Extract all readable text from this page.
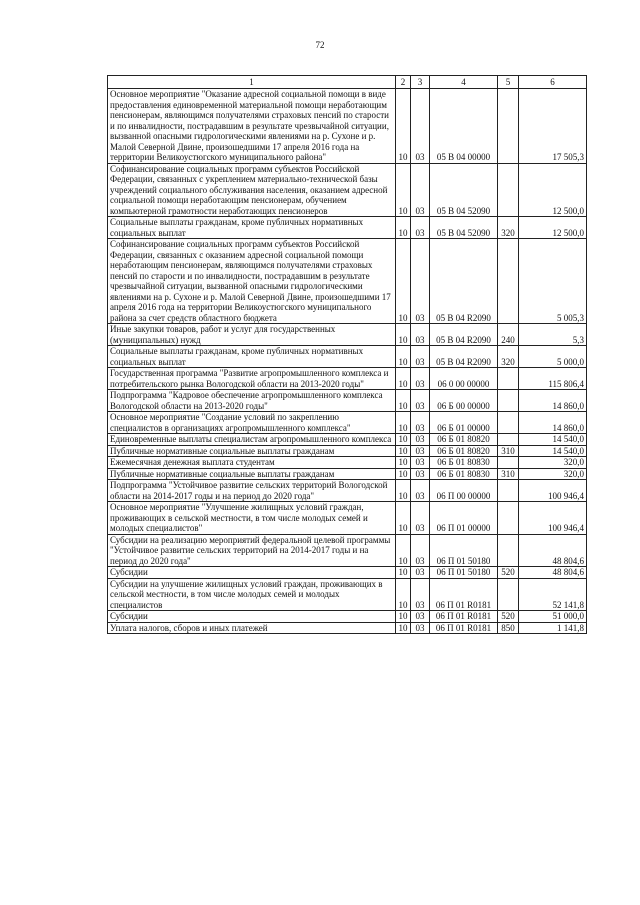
72
1	2	3	4	5	6
Основное мероприятие "Оказание адресной социальной помощи в виде предоставления единовременной материальной помощи неработающим пенсионерам, являющимся получателями страховых пенсий по старости и по инвалидности, пострадавшим в результате чрезвычайной ситуации, вызванной опасными гидрологическими явлениями на р. Сухоне и р. Малой Северной Двине, произошедшими 17 апреля 2016 года на территории Великоустюгского муниципального района"	10	03	05 В 04 00000		17 505,3
Софинансирование социальных программ субъектов Российской Федерации, связанных с укреплением материально-технической базы учреждений социального обслуживания населения, оказанием адресной социальной помощи неработающим пенсионерам, обучением компьютерной грамотности неработающих пенсионеров	10	03	05 В 04 52090		12 500,0
Социальные выплаты гражданам, кроме публичных нормативных социальных выплат	10	03	05 В 04 52090	320	12 500,0
Софинансирование социальных программ субъектов Российской Федерации, связанных с оказанием адресной социальной помощи неработающим пенсионерам, являющимся получателями страховых пенсий по старости и по инвалидности, пострадавшим в результате чрезвычайной ситуации, вызванной опасными гидрологическими явлениями на р. Сухоне и р. Малой Северной Двине, произошедшими 17 апреля 2016 года на территории Великоустюгского муниципального района за счет средств областного бюджета	10	03	05 В 04 R2090		5 005,3
Иные закупки товаров, работ и услуг для государственных (муниципальных) нужд	10	03	05 В 04 R2090	240	5,3
Социальные выплаты гражданам, кроме публичных нормативных социальных выплат	10	03	05 В 04 R2090	320	5 000,0
Государственная программа "Развитие агропромышленного комплекса и потребительского рынка Вологодской области на 2013-2020 годы"	10	03	06 0 00 00000		115 806,4
Подпрограмма "Кадровое обеспечение агропромышленного комплекса Вологодской области на 2013-2020 годы"	10	03	06 Б 00 00000		14 860,0
Основное мероприятие "Создание условий по закреплению специалистов в организациях агропромышленного комплекса"	10	03	06 Б 01 00000		14 860,0
Единовременные выплаты специалистам агропромышленного комплекса	10	03	06 Б 01 80820		14 540,0
Публичные нормативные социальные выплаты гражданам	10	03	06 Б 01 80820	310	14 540,0
Ежемесячная денежная выплата студентам	10	03	06 Б 01 80830		320,0
Публичные нормативные социальные выплаты гражданам	10	03	06 Б 01 80830	310	320,0
Подпрограмма "Устойчивое развитие сельских территорий Вологодской области на 2014-2017 годы и на период до 2020 года"	10	03	06 П 00 00000		100 946,4
Основное мероприятие "Улучшение жилищных условий граждан, проживающих в сельской местности, в том числе молодых семей и молодых специалистов"	10	03	06 П 01 00000		100 946,4
Субсидии на реализацию мероприятий федеральной целевой программы "Устойчивое развитие сельских территорий на 2014-2017 годы и на период до 2020 года"	10	03	06 П 01 50180		48 804,6
Субсидии	10	03	06 П 01 50180	520	48 804,6
Субсидии на улучшение жилищных условий граждан, проживающих в сельской местности, в том числе молодых семей и молодых специалистов	10	03	06 П 01 R0181		52 141,8
Субсидии	10	03	06 П 01 R0181	520	51 000,0
Уплата налогов, сборов и иных платежей	10	03	06 П 01 R0181	850	1 141,8
